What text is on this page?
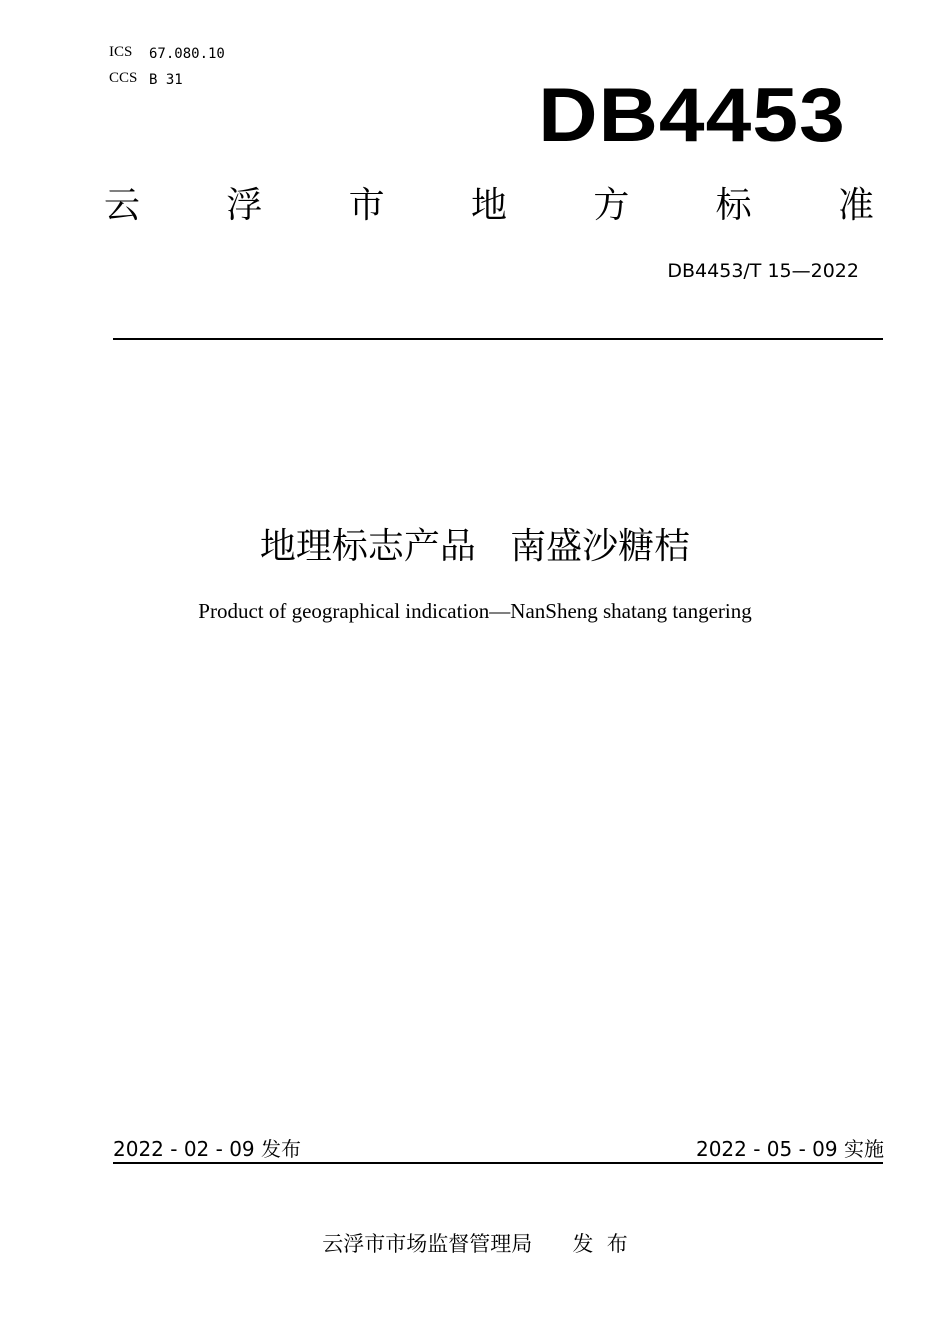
ICS 67.080.10
CCS B 31	DB4453
云 浮 市 地 方 标 准
DB4453/T 15—2022
地理标志产品   南盛沙糖桔
Product of geographical indication—NanSheng shatang tangering
2022 - 02 - 09 发布	2022 - 05 - 09 实施
云浮市市场监督管理局      发  布
